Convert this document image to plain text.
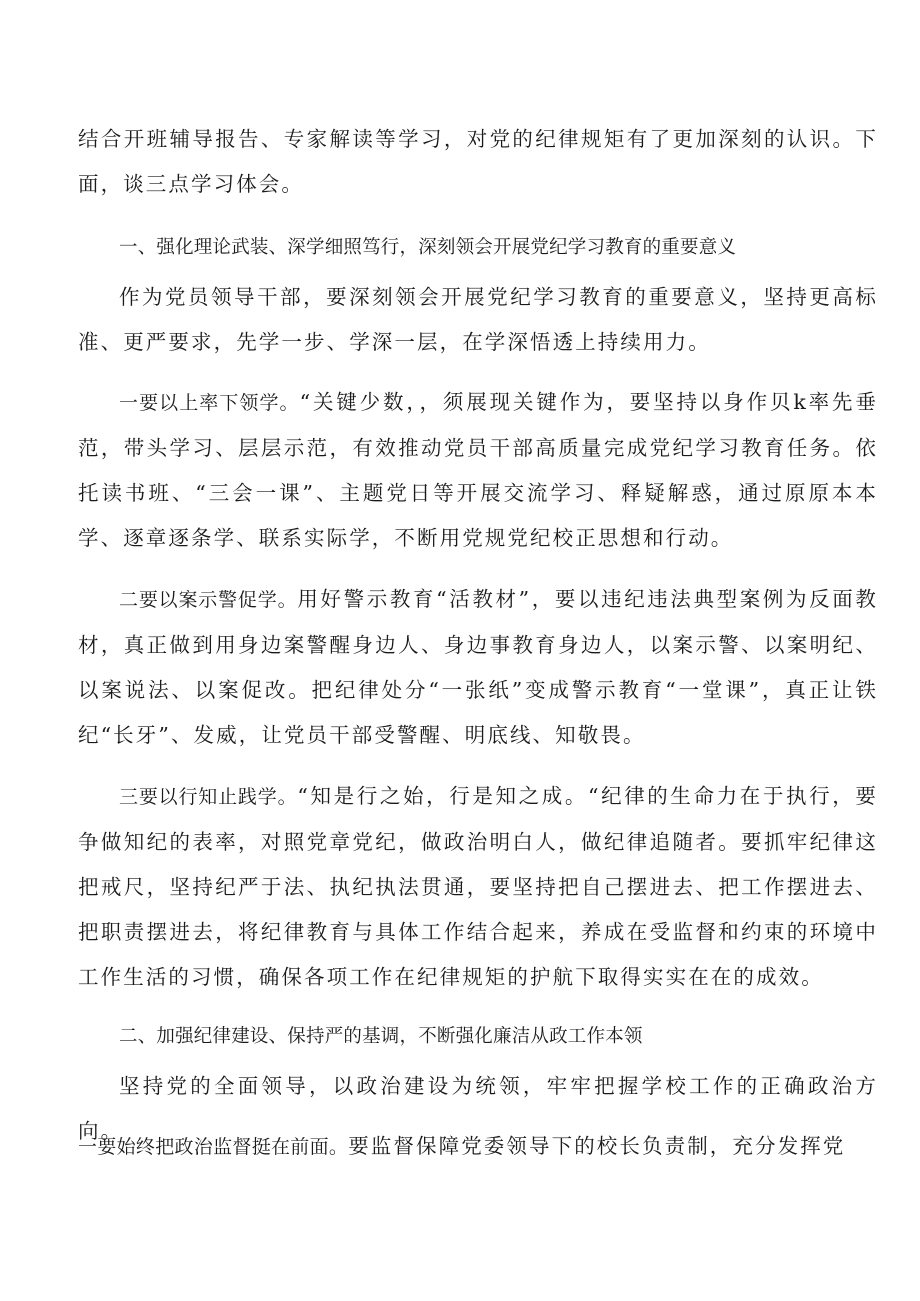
结合开班辅导报告、专家解读等学习，对党的纪律规矩有了更加深刻的认识。下面，谈三点学习体会。

一、强化理论武装、深学细照笃行，深刻领会开展党纪学习教育的重要意义

作为党员领导干部，要深刻领会开展党纪学习教育的重要意义，坚持更高标准、更严要求，先学一步、学深一层，在学深悟透上持续用力。

一要以上率下领学。“关键少数，，须展现关键作为，要坚持以身作贝k率先垂范，带头学习、层层示范，有效推动党员干部高质量完成党纪学习教育任务。依托读书班、“三会一课”、主题党日等开展交流学习、释疑解惑，通过原原本本学、逐章逐条学、联系实际学，不断用党规党纪校正思想和行动。

二要以案示警促学。用好警示教育“活教材”，要以违纪违法典型案例为反面教材，真正做到用身边案警醒身边人、身边事教育身边人，以案示警、以案明纪、以案说法、以案促改。把纪律处分“一张纸”变成警示教育“一堂课”，真正让铁纪“长牙”、发威，让党员干部受警醒、明底线、知敬畏。

三要以行知止践学。“知是行之始，行是知之成。“纪律的生命力在于执行，要争做知纪的表率，对照党章党纪，做政治明白人，做纪律追随者。要抓牢纪律这把戒尺，坚持纪严于法、执纪执法贯通，要坚持把自己摆进去、把工作摆进去、把职责摆进去，将纪律教育与具体工作结合起来，养成在受监督和约束的环境中工作生活的习惯，确保各项工作在纪律规矩的护航下取得实实在在的成效。

二、加强纪律建设、保持严的基调，不断强化廉洁从政工作本领

坚持党的全面领导，以政治建设为统领，牢牢把握学校工作的正确政治方向。

一要始终把政治监督挺在前面。要监督保障党委领导下的校长负责制，充分发挥党
